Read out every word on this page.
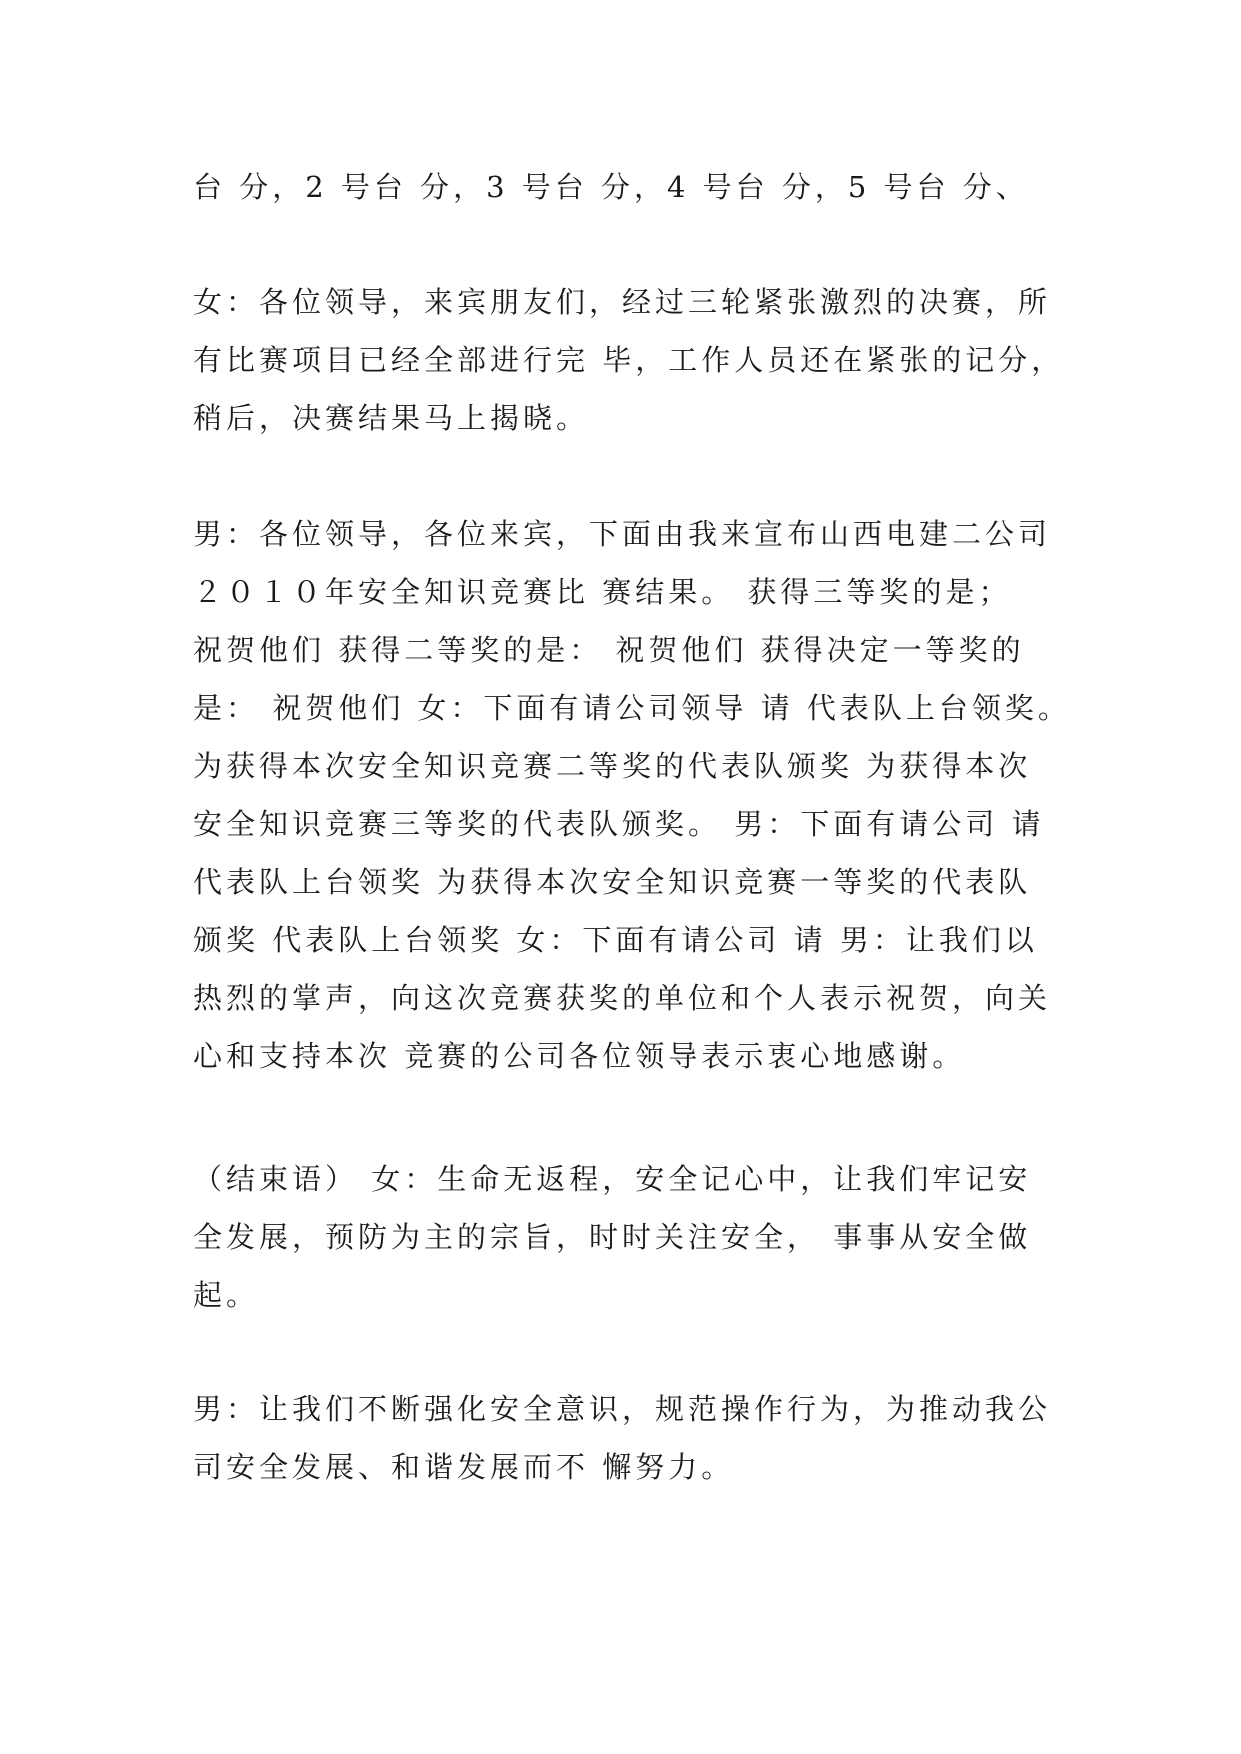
台 分，2 号台 分，3 号台 分，4 号台 分，5 号台 分、

女：各位领导，来宾朋友们，经过三轮紧张激烈的决赛，所
有比赛项目已经全部进行完 毕，工作人员还在紧张的记分，
稍后，决赛结果马上揭晓。

男：各位领导，各位来宾，下面由我来宣布山西电建二公司
２０１０年安全知识竞赛比 赛结果。 获得三等奖的是；
祝贺他们 获得二等奖的是： 祝贺他们 获得决定一等奖的
是： 祝贺他们 女：下面有请公司领导 请 代表队上台领奖。
为获得本次安全知识竞赛二等奖的代表队颁奖 为获得本次
安全知识竞赛三等奖的代表队颁奖。 男：下面有请公司 请
代表队上台领奖 为获得本次安全知识竞赛一等奖的代表队
颁奖 代表队上台领奖 女：下面有请公司 请 男：让我们以
热烈的掌声，向这次竞赛获奖的单位和个人表示祝贺，向关
心和支持本次 竞赛的公司各位领导表示衷心地感谢。

（结束语） 女：生命无返程，安全记心中，让我们牢记安
全发展，预防为主的宗旨，时时关注安全， 事事从安全做
起。

男：让我们不断强化安全意识，规范操作行为，为推动我公
司安全发展、和谐发展而不 懈努力。
